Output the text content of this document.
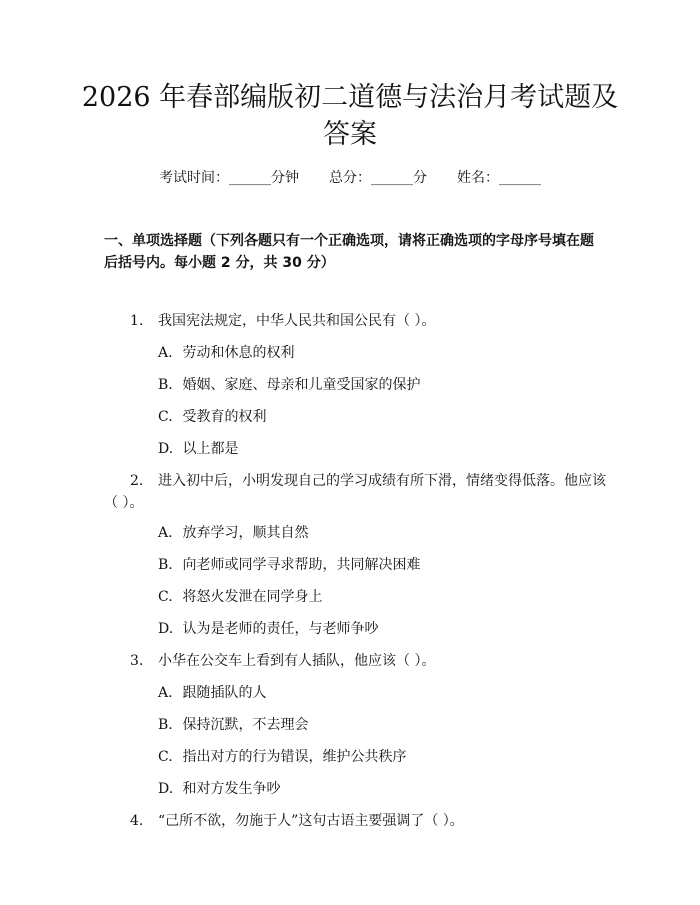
2026 年春部编版初二道德与法治月考试题及
答案
考试时间：______分钟 总分：______分 姓名：______
一、单项选择题（下列各题只有一个正确选项，请将正确选项的字母序号填在题
后括号内。每小题 2 分，共 30 分）
1. 我国宪法规定，中华人民共和国公民有（ ）。
A. 劳动和休息的权利
B. 婚姻、家庭、母亲和儿童受国家的保护
C. 受教育的权利
D. 以上都是
2. 进入初中后，小明发现自己的学习成绩有所下滑，情绪变得低落。他应该
（ ）。
A. 放弃学习，顺其自然
B. 向老师或同学寻求帮助，共同解决困难
C. 将怒火发泄在同学身上
D. 认为是老师的责任，与老师争吵
3. 小华在公交车上看到有人插队，他应该（ ）。
A. 跟随插队的人
B. 保持沉默，不去理会
C. 指出对方的行为错误，维护公共秩序
D. 和对方发生争吵
4. “己所不欲，勿施于人”这句古语主要强调了（ ）。
